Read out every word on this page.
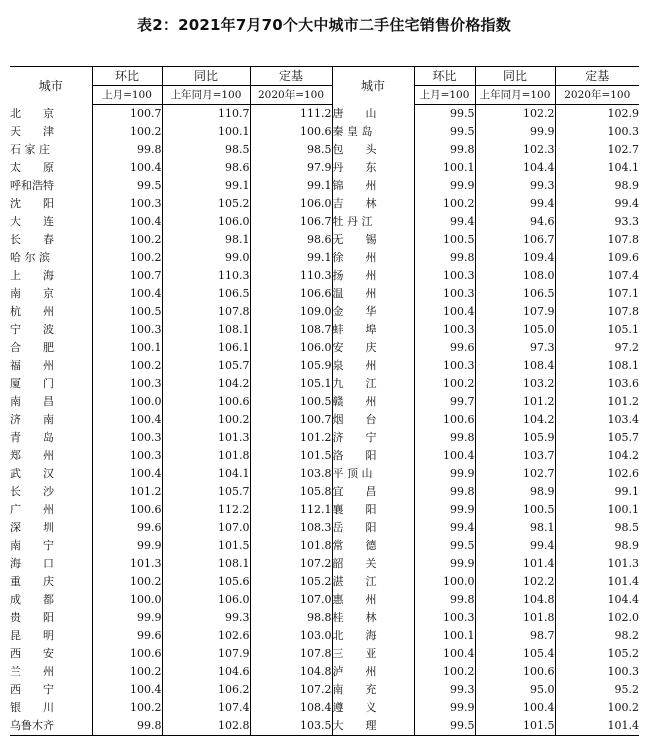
表2：2021年7月70个大中城市二手住宅销售价格指数
城市	环比	同比	定基	城市	环比	同比	定基
	上月=100	上年同月=100	2020年=100		上月=100	上年同月=100	2020年=100
北　　京	100.7	110.7	111.2	唐　　山	99.5	102.2	102.9
天　　津	100.2	100.1	100.6	秦 皇 岛	99.5	99.9	100.3
石 家 庄	99.8	98.5	98.5	包　　头	99.8	102.3	102.7
太　　原	100.4	98.6	97.9	丹　　东	100.1	104.4	104.1
呼和浩特	99.5	99.1	99.1	锦　　州	99.9	99.3	98.9
沈　　阳	100.3	105.2	106.0	吉　　林	100.2	99.4	99.4
大　　连	100.4	106.0	106.7	牡 丹 江	99.4	94.6	93.3
长　　春	100.2	98.1	98.6	无　　锡	100.5	106.7	107.8
哈 尔 滨	100.2	99.0	99.1	徐　　州	99.8	109.4	109.6
上　　海	100.7	110.3	110.3	扬　　州	100.3	108.0	107.4
南　　京	100.4	106.5	106.6	温　　州	100.3	106.5	107.1
杭　　州	100.5	107.8	109.0	金　　华	100.4	107.9	107.8
宁　　波	100.3	108.1	108.7	蚌　　埠	100.3	105.0	105.1
合　　肥	100.1	106.1	106.0	安　　庆	99.6	97.3	97.2
福　　州	100.2	105.7	105.9	泉　　州	100.3	108.4	108.1
厦　　门	100.3	104.2	105.1	九　　江	100.2	103.2	103.6
南　　昌	100.0	100.6	100.5	赣　　州	99.7	101.2	101.2
济　　南	100.4	100.2	100.7	烟　　台	100.6	104.2	103.4
青　　岛	100.3	101.3	101.2	济　　宁	99.8	105.9	105.7
郑　　州	100.3	101.8	101.5	洛　　阳	100.4	103.7	104.2
武　　汉	100.4	104.1	103.8	平 顶 山	99.9	102.7	102.6
长　　沙	101.2	105.7	105.8	宜　　昌	99.8	98.9	99.1
广　　州	100.6	112.2	112.1	襄　　阳	99.9	100.5	100.1
深　　圳	99.6	107.0	108.3	岳　　阳	99.4	98.1	98.5
南　　宁	99.9	101.5	101.8	常　　德	99.5	99.4	98.9
海　　口	101.3	108.1	107.2	韶　　关	99.9	101.4	101.3
重　　庆	100.2	105.6	105.2	湛　　江	100.0	102.2	101.4
成　　都	100.0	106.0	107.0	惠　　州	99.8	104.8	104.4
贵　　阳	99.9	99.3	98.8	桂　　林	100.3	101.8	102.0
昆　　明	99.6	102.6	103.0	北　　海	100.1	98.7	98.2
西　　安	100.6	107.9	107.8	三　　亚	100.4	105.4	105.2
兰　　州	100.2	104.6	104.8	泸　　州	100.2	100.6	100.3
西　　宁	100.4	106.2	107.2	南　　充	99.3	95.0	95.2
银　　川	100.2	107.4	108.4	遵　　义	99.9	100.4	100.2
乌鲁木齐	99.8	102.8	103.5	大　　理	99.5	101.5	101.4
